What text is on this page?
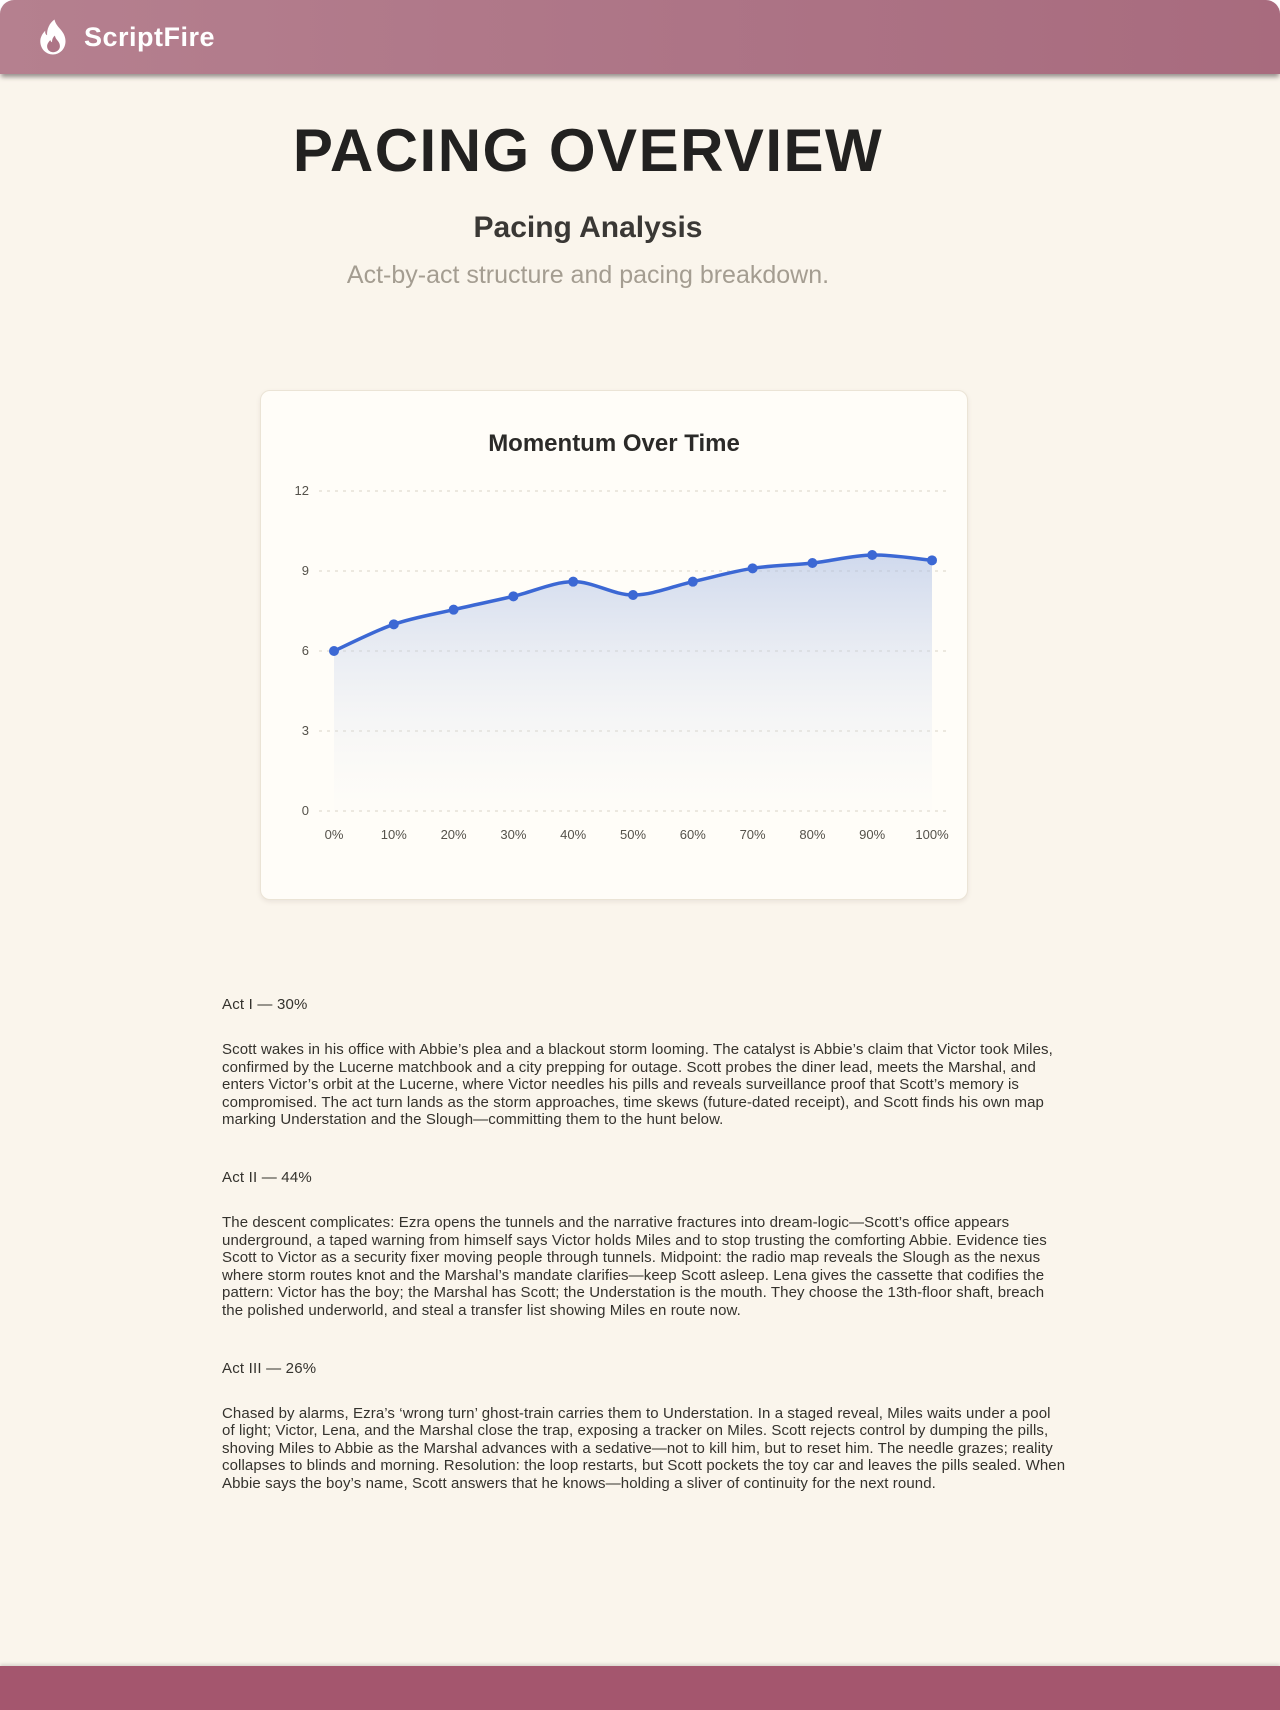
ScriptFire
PACING OVERVIEW
Pacing Analysis

Act-by-act structure and pacing breakdown.

Momentum Over Time
0
3
6
9
12
0%	10%	20%	30%	40%	50%	60%	70%	80%	90% 100%

Act I — 30%

Scott wakes in his office with Abbie’s plea and a blackout storm looming. The catalyst is Abbie’s claim that Victor took Miles, confirmed by the Lucerne matchbook and a city prepping for outage. Scott probes the diner lead, meets the Marshal, and enters Victor’s orbit at the Lucerne, where Victor needles his pills and reveals surveillance proof that Scott’s memory is compromised. The act turn lands as the storm approaches, time skews (future-dated receipt), and Scott finds his own map marking Understation and the Slough—committing them to the hunt below.

Act II — 44%

The descent complicates: Ezra opens the tunnels and the narrative fractures into dream-logic—Scott’s office appears underground, a taped warning from himself says Victor holds Miles and to stop trusting the comforting Abbie. Evidence ties Scott to Victor as a security fixer moving people through tunnels. Midpoint: the radio map reveals the Slough as the nexus where storm routes knot and the Marshal’s mandate clarifies—keep Scott asleep. Lena gives the cassette that codifies the pattern: Victor has the boy; the Marshal has Scott; the Understation is the mouth. They choose the 13th-floor shaft, breach the polished underworld, and steal a transfer list showing Miles en route now.

Act III — 26%

Chased by alarms, Ezra’s ‘wrong turn’ ghost-train carries them to Understation. In a staged reveal, Miles waits under a pool of light; Victor, Lena, and the Marshal close the trap, exposing a tracker on Miles. Scott rejects control by dumping the pills, shoving Miles to Abbie as the Marshal advances with a sedative—not to kill him, but to reset him. The needle grazes; reality collapses to blinds and morning. Resolution: the loop restarts, but Scott pockets the toy car and leaves the pills sealed. When Abbie says the boy’s name, Scott answers that he knows—holding a sliver of continuity for the next round.
